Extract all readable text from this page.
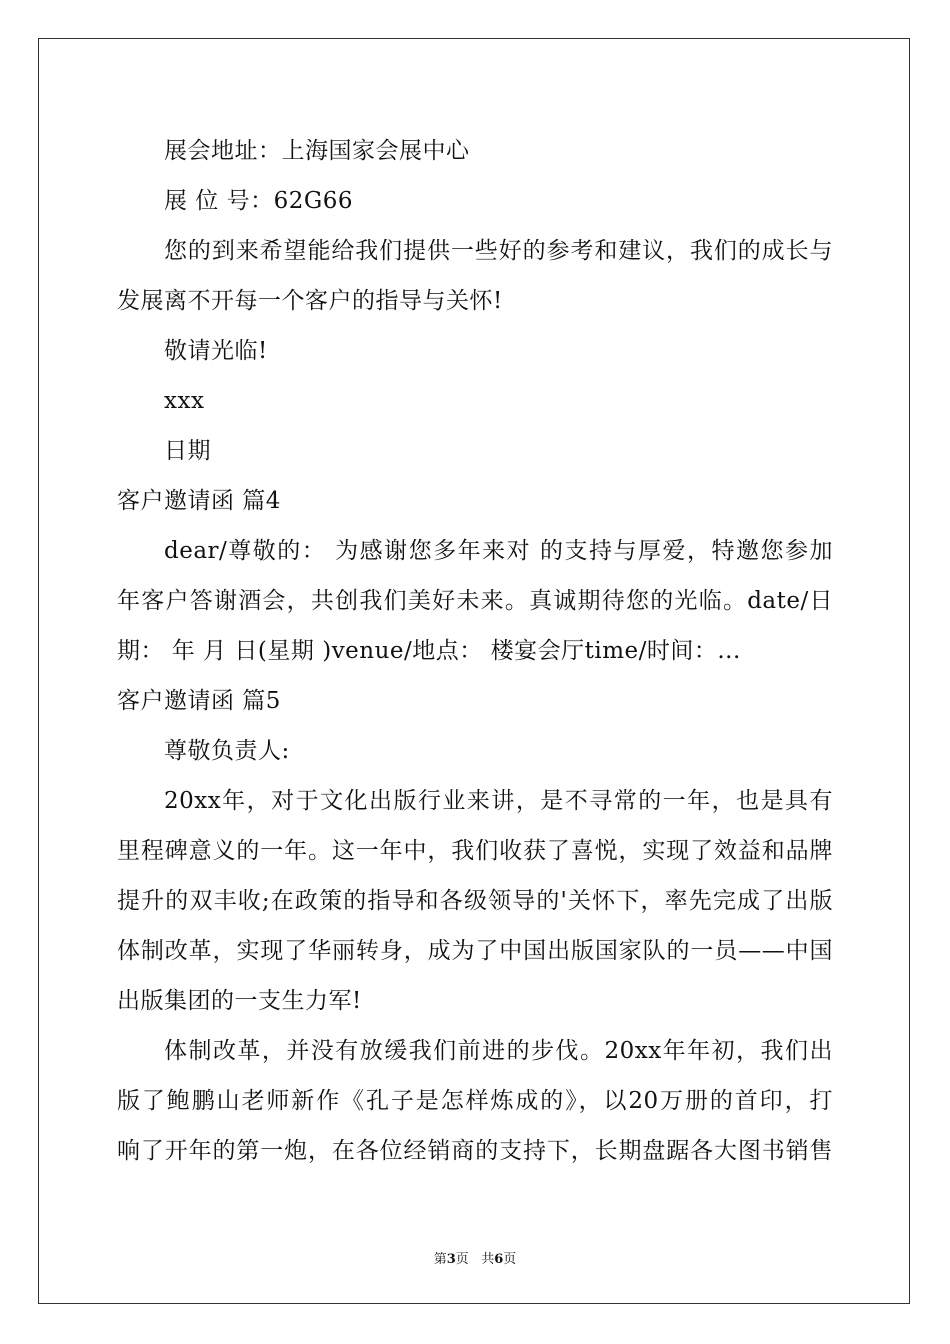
展会地址：上海国家会展中心
展 位 号：62G66
您的到来希望能给我们提供一些好的参考和建议，我们的成长与
发展离不开每一个客户的指导与关怀!
敬请光临!
xxx
日期
客户邀请函 篇4
dear/尊敬的： 为感谢您多年来对 的支持与厚爱，特邀您参加
年客户答谢酒会，共创我们美好未来。真诚期待您的光临。date/日
期： 年 月 日(星期 )venue/地点： 楼宴会厅time/时间：...
客户邀请函 篇5
尊敬负责人:
20xx年，对于文化出版行业来讲，是不寻常的一年，也是具有
里程碑意义的一年。这一年中，我们收获了喜悦，实现了效益和品牌
提升的双丰收;在政策的指导和各级领导的'关怀下，率先完成了出版
体制改革，实现了华丽转身，成为了中国出版国家队的一员——中国
出版集团的一支生力军!
体制改革，并没有放缓我们前进的步伐。20xx年年初，我们出
版了鲍鹏山老师新作《孔子是怎样炼成的》，以20万册的首印，打
响了开年的第一炮，在各位经销商的支持下，长期盘踞各大图书销售
第3页   共6页
